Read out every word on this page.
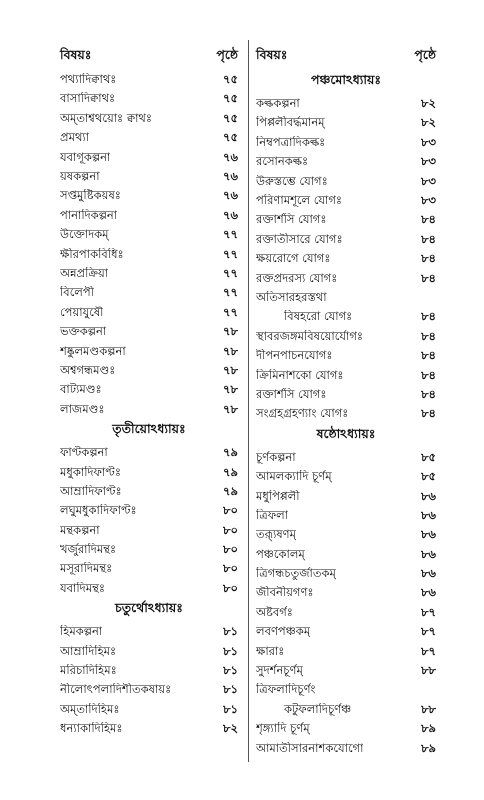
বিষয়ঃ	পৃষ্ঠে
পথ্যাদিক্বাথঃ	৭৫
বাসাদিক্বাথঃ	৭৫
অম্‌তাশ্বথয়োঃ ক্বাথঃ	৭৫
প্রমথ্যা	৭৫
যবাগূকল্পনা	৭৬
য়ষকল্পনা	৭৬
সপ্তমুষ্টিকয়ষঃ	৭৬
পানাদিকল্পনা	৭৬
উক্তোদকম্‌	৭৭
ক্ষীরপাকবিধিঃ	৭৭
অন্নপ্রক্রিয়া	৭৭
বিলেপী	৭৭
পেয়াযুষৌ	৭৭
ভক্তকল্পনা	৭৮
শষ্কুলমণ্ডকল্পনা	৭৮
অশ্বগন্ধমণ্ডঃ	৭৮
বাট্যমণ্ডঃ	৭৮
লাজমণ্ডঃ	৭৮
তৃতীয়োঽধ্যায়ঃ
ফাণ্টকল্পনা	৭৯
মধুকাদিফাণ্টঃ	৭৯
আম্রাদিফাণ্টঃ	৭৯
লঘুমধুকাদিফাণ্টঃ	৮০
মন্থকল্পনা	৮০
খর্জুরাদিমন্থঃ	৮০
মসূরাদিমন্থঃ	৮০
যবাদিমন্থঃ	৮০
চতুর্থোঽধ্যায়ঃ
হিমকল্পনা	৮১
আম্রাদিহিমঃ	৮১
মরিচাদিহিমঃ	৮১
নীলোৎপলাদিশীতকষায়ঃ	৮১
অম্‌তাদিহিমঃ	৮১
ধন্যাকাদিহিমঃ	৮২
বিষয়ঃ	পৃষ্ঠে
পঞ্চমোঽধ্যায়ঃ
কল্ককল্পনা	৮২
পিপ্পলীবৰ্দ্ধমানম্‌	৮২
নিম্বপত্রাদিকল্কঃ	৮৩
রসোনকল্কঃ	৮৩
উরুস্তম্ভে যোগঃ	৮৩
পরিণামশূলে যোগঃ	৮৩
রক্তার্শসি যোগঃ	৮৪
রক্তাতীসারে যোগঃ	৮৪
ক্ষয়রোগে যোগঃ	৮৪
রক্তপ্রদরস্য যোগঃ	৮৪
অতিসারহরস্তথা
বিষহরো যোগঃ	৮৪
স্থাবরজঙ্গমবিষয়োর্যোগঃ	৮৪
দীপনপাচনযোগঃ	৮৪
ক্রিমিনাশকো যোগঃ	৮৪
রক্তার্শসি যোগঃ	৮৪
সংগ্রহগ্রহণ্যাং যোগঃ	৮৪
ষষ্ঠোঽধ্যায়ঃ
চূর্ণকল্পনা	৮৫
আমলক্যাদি চূর্ণম্‌	৮৫
মধুপিপ্পলী	৮৬
ত্রিফলা	৮৬
ত্র্যূষণম্‌	৮৬
পঞ্চকোলম্‌	৮৬
ত্রিগন্ধচতুর্জাতকম্‌	৮৬
জীবনীয়গণঃ	৮৬
অষ্টবর্গঃ	৮৭
লবণপঞ্চকম্‌	৮৭
ক্ষারাঃ	৮৭
সুদর্শনচূর্ণম্‌	৮৮
ত্রিফলাদিচূর্ণং
কটুফলাদিচূর্ণঞ্চ	৮৮
শৃঙ্গ্যাদি চূর্ণম্‌	৮৯
আমাতীসারনাশকযোগো	৮৯
